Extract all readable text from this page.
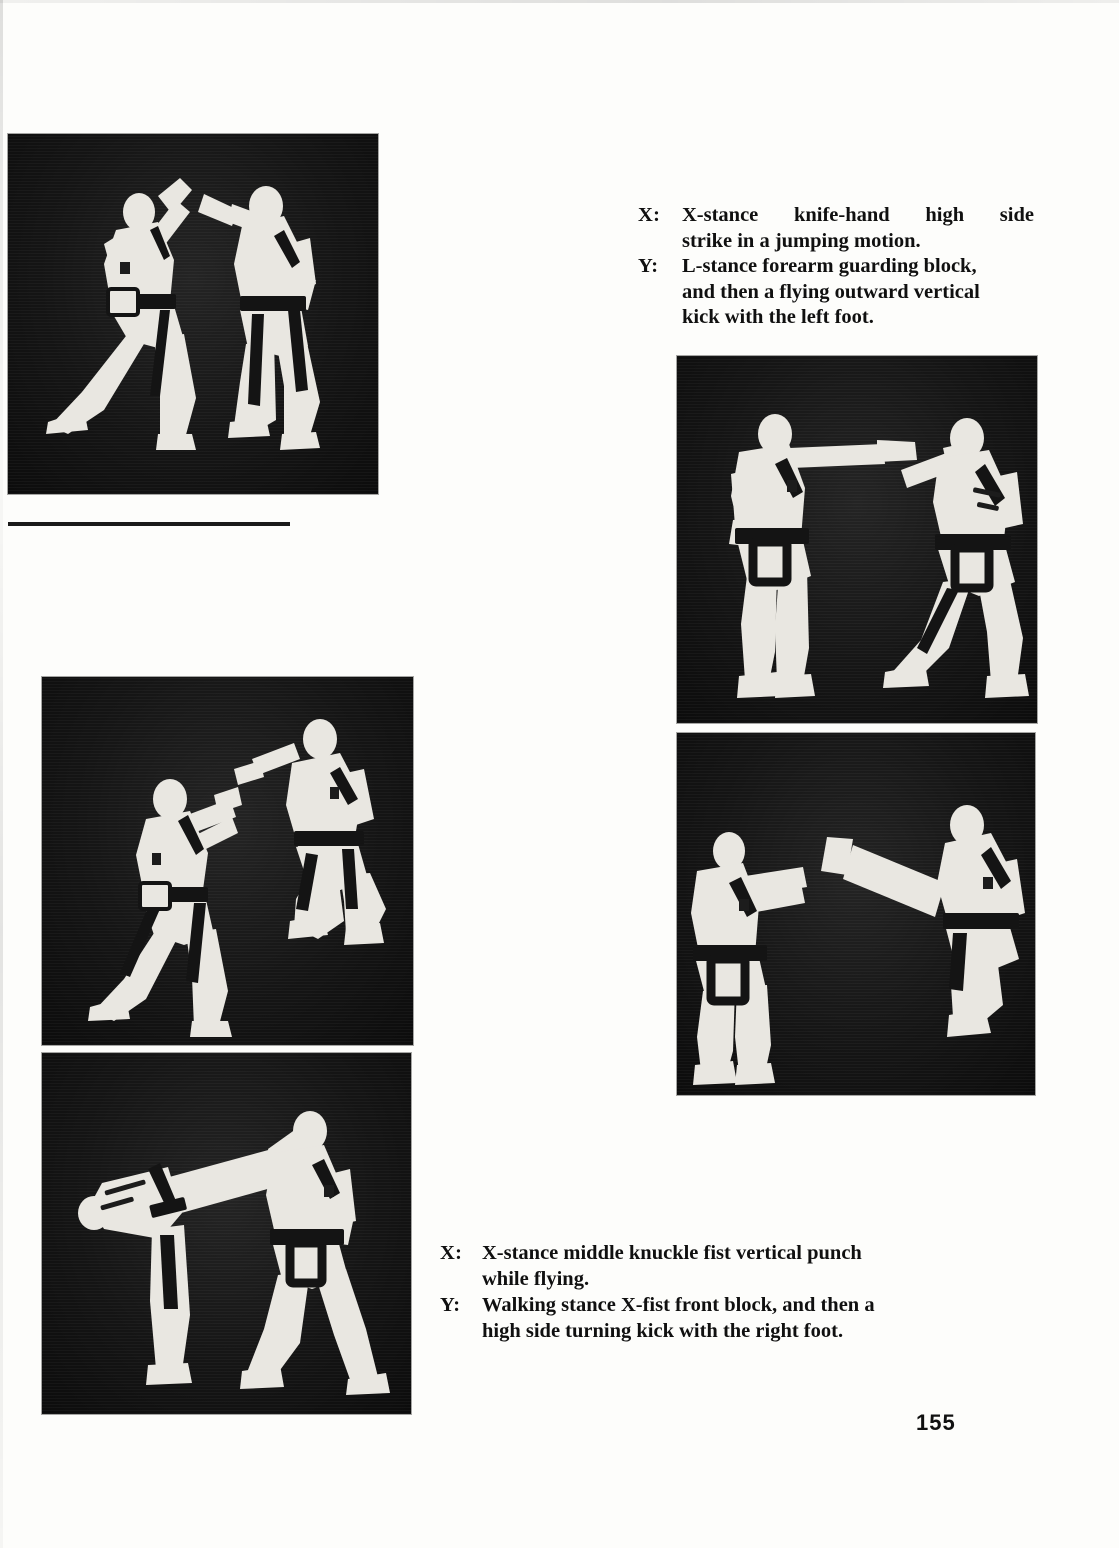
X:	X-stance knife-hand high side
strike in a jumping motion.
Y:	L-stance forearm guarding block,
and then a flying outward vertical
kick with the left foot.
X: X-stance middle knuckle fist vertical punch
while flying.
Y:	Walking stance X-fist front block, and then a
high side turning kick with the right foot.
155
